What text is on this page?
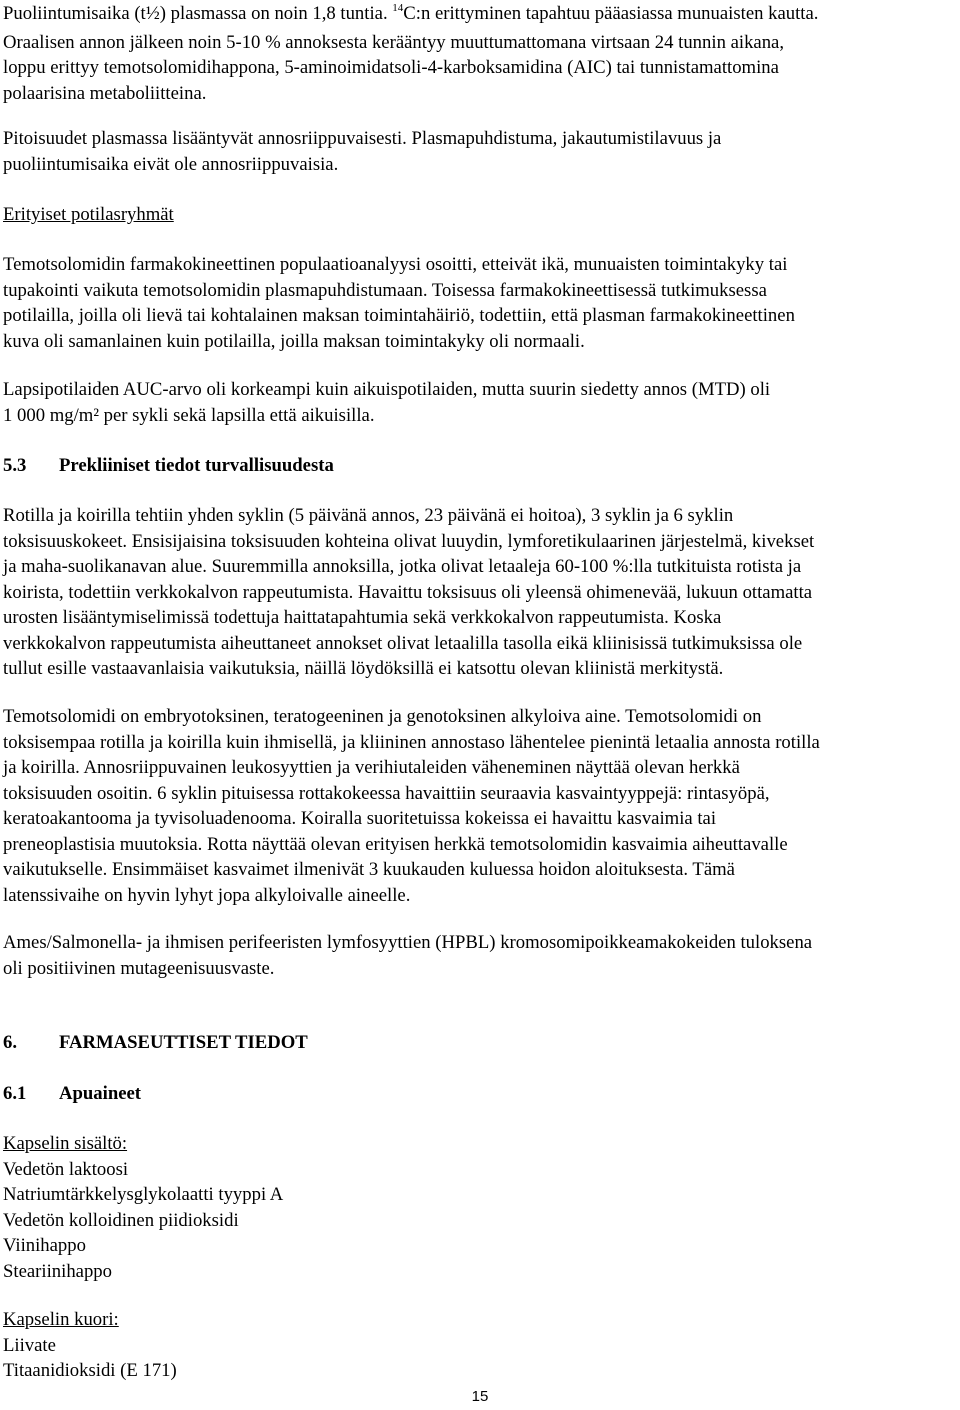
Puoliintumisaika (t½) plasmassa on noin 1,8 tuntia. $^{14}$C:n erittyminen tapahtuu pääasiassa munuaisten kautta.
Oraalisen annon jälkeen noin 5-10 % annoksesta kerääntyy muuttumattomana virtsaan 24 tunnin aikana,
loppu erittyy temotsolomidihappona, 5-aminoimidatsoli-4-karboksamidina (AIC) tai tunnistamattomina
polaarisina metaboliitteina.
Pitoisuudet plasmassa lisääntyvät annosriippuvaisesti. Plasmapuhdistuma, jakautumistilavuus ja
puoliintumisaika eivät ole annosriippuvaisia.
Erityiset potilasryhmät
Temotsolomidin farmakokineettinen populaatioanalyysi osoitti, etteivät ikä, munuaisten toimintakyky tai
tupakointi vaikuta temotsolomidin plasmapuhdistumaan. Toisessa farmakokineettisessä tutkimuksessa
potilailla, joilla oli lievä tai kohtalainen maksan toimintahäiriö, todettiin, että plasman farmakokineettinen
kuva oli samanlainen kuin potilailla, joilla maksan toimintakyky oli normaali.
Lapsipotilaiden AUC-arvo oli korkeampi kuin aikuispotilaiden, mutta suurin siedetty annos (MTD) oli
1 000 mg/m² per sykli sekä lapsilla että aikuisilla.
5.3 Prekliiniset tiedot turvallisuudesta
Rotilla ja koirilla tehtiin yhden syklin (5 päivänä annos, 23 päivänä ei hoitoa), 3 syklin ja 6 syklin
toksisuuskokeet. Ensisijaisina toksisuuden kohteina olivat luuydin, lymforetikulaarinen järjestelmä, kivekset
ja maha-suolikanavan alue. Suuremmilla annoksilla, jotka olivat letaaleja 60-100 %:lla tutkituista rotista ja
koirista, todettiin verkkokalvon rappeutumista. Havaittu toksisuus oli yleensä ohimenevää, lukuun ottamatta
urosten lisääntymiselimissä todettuja haittatapahtumia sekä verkkokalvon rappeutumista. Koska
verkkokalvon rappeutumista aiheuttaneet annokset olivat letaalilla tasolla eikä kliinisissä tutkimuksissa ole
tullut esille vastaavanlaisia vaikutuksia, näillä löydöksillä ei katsottu olevan kliinistä merkitystä.
Temotsolomidi on embryotoksinen, teratogeeninen ja genotoksinen alkyloiva aine. Temotsolomidi on
toksisempaa rotilla ja koirilla kuin ihmisellä, ja kliininen annostaso lähentelee pienintä letaalia annosta rotilla
ja koirilla. Annosriippuvainen leukosyyttien ja verihiutaleiden väheneminen näyttää olevan herkkä
toksisuuden osoitin. 6 syklin pituisessa rottakokeessa havaittiin seuraavia kasvaintyyppejä: rintasyöpä,
keratoakantooma ja tyvisoluadenooma. Koiralla suoritetuissa kokeissa ei havaittu kasvaimia tai
preneoplastisia muutoksia. Rotta näyttää olevan erityisen herkkä temotsolomidin kasvaimia aiheuttavalle
vaikutukselle. Ensimmäiset kasvaimet ilmenivät 3 kuukauden kuluessa hoidon aloituksesta. Tämä
latenssivaihe on hyvin lyhyt jopa alkyloivalle aineelle.
Ames/Salmonella- ja ihmisen perifeeristen lymfosyyttien (HPBL) kromosomipoikkeamakokeiden tuloksena
oli positiivinen mutageenisuusvaste.
6. FARMASEUTTISET TIEDOT
6.1 Apuaineet
Kapselin sisältö:
Vedetön laktoosi
Natriumtärkkelysglykolaatti tyyppi A
Vedetön kolloidinen piidioksidi
Viinihappo
Steariinihappo
Kapselin kuori:
Liivate
Titaanidioksidi (E 171)
15
